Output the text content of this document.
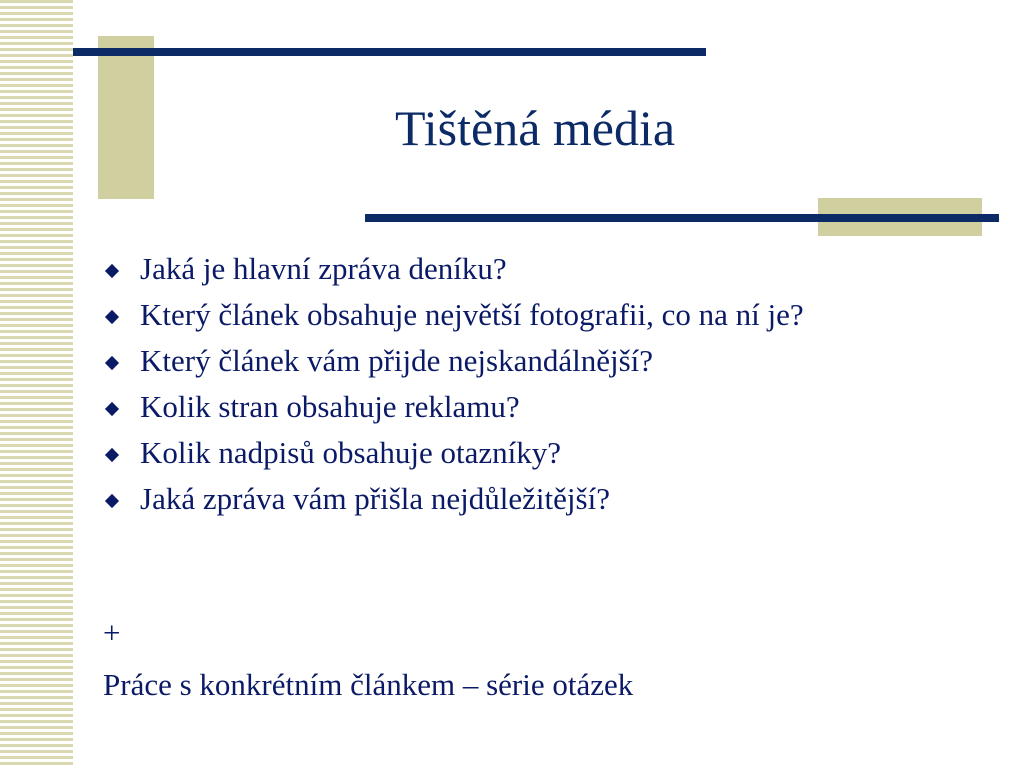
Tištěná média
Jaká je hlavní zpráva deníku?
Který článek obsahuje největší fotografii, co na ní je?
Který článek vám přijde nejskandálnější?
Kolik stran obsahuje reklamu?
Kolik nadpisů obsahuje otazníky?
Jaká zpráva vám přišla nejdůležitější?
+
Práce s konkrétním článkem – série otázek
